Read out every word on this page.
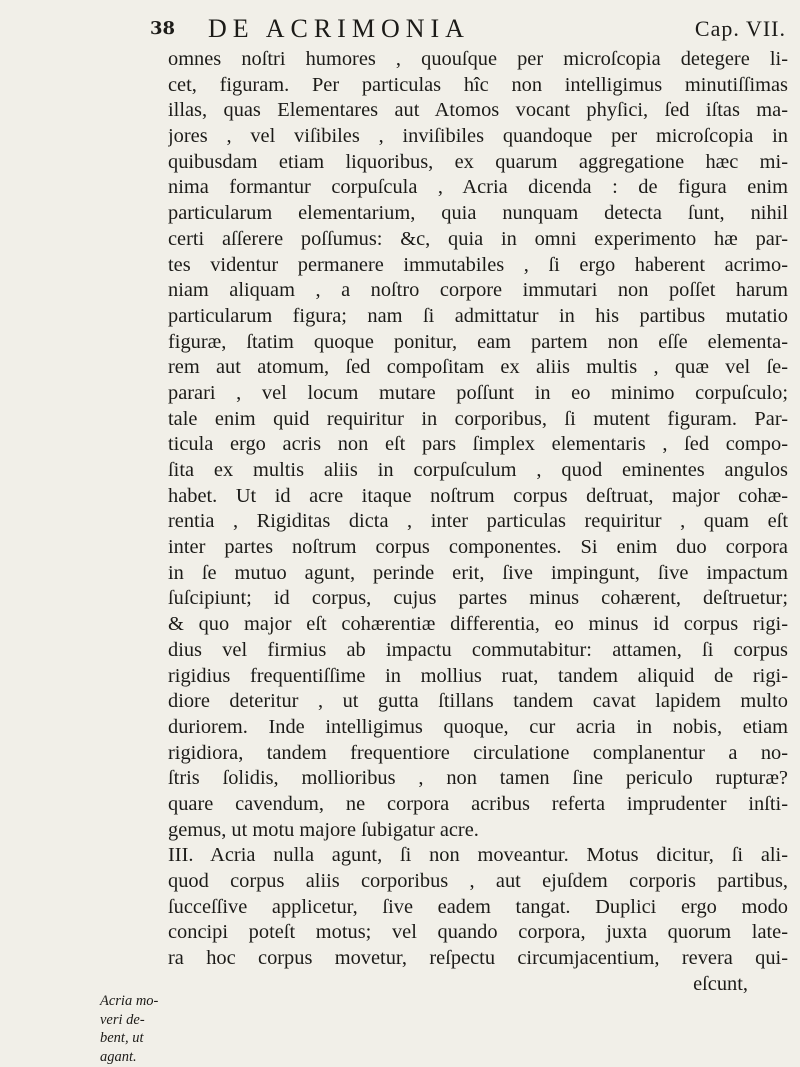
38 DE ACRIMONIA	Cap. VII.
Acria mo-
veri de-
bent, ut
agant.
omnes noſtri humores , quouſque per microſcopia detegere li-
cet, figuram. Per particulas hîc non intelligimus minutiſſimas
illas, quas Elementares aut Atomos vocant phyſici, ſed iſtas ma-
jores , vel viſibiles , inviſibiles quandoque per microſcopia in
quibusdam etiam liquoribus, ex quarum aggregatione hæc mi-
nima formantur corpuſcula , Acria dicenda : de figura enim
particularum elementarium, quia nunquam detecta ſunt, nihil
certi aſſerere poſſumus: &c, quia in omni experimento hæ par-
tes videntur permanere immutabiles , ſi ergo haberent acrimo-
niam aliquam , a noſtro corpore immutari non poſſet harum
particularum figura; nam ſi admittatur in his partibus mutatio
figuræ, ſtatim quoque ponitur, eam partem non eſſe elementa-
rem aut atomum, ſed compoſitam ex aliis multis , quæ vel ſe-
parari , vel locum mutare poſſunt in eo minimo corpuſculo;
tale enim quid requiritur in corporibus, ſi mutent figuram. Par-
ticula ergo acris non eſt pars ſimplex elementaris , ſed compo-
ſita ex multis aliis in corpuſculum , quod eminentes angulos
habet. Ut id acre itaque noſtrum corpus deſtruat, major cohæ-
rentia , Rigiditas dicta , inter particulas requiritur , quam eſt
inter partes noſtrum corpus componentes. Si enim duo corpora
in ſe mutuo agunt, perinde erit, ſive impingunt, ſive impactum
ſuſcipiunt; id corpus, cujus partes minus cohærent, deſtruetur;
& quo major eſt cohærentiæ differentia, eo minus id corpus rigi-
dius vel firmius ab impactu commutabitur: attamen, ſi corpus
rigidius frequentiſſime in mollius ruat, tandem aliquid de rigi-
diore deteritur , ut gutta ſtillans tandem cavat lapidem multo
duriorem. Inde intelligimus quoque, cur acria in nobis, etiam
rigidiora, tandem frequentiore circulatione complanentur a no-
ſtris ſolidis, mollioribus , non tamen ſine periculo rupturæ?
quare cavendum, ne corpora acribus referta imprudenter inſti-
gemus, ut motu majore ſubigatur acre.
III. Acria nulla agunt, ſi non moveantur. Motus dicitur, ſi ali-
quod corpus aliis corporibus , aut ejuſdem corporis partibus,
ſucceſſive applicetur, ſive eadem tangat. Duplici ergo modo
concipi poteſt motus; vel quando corpora, juxta quorum late-
ra hoc corpus movetur, reſpectu circumjacentium, revera qui-
eſcunt,
